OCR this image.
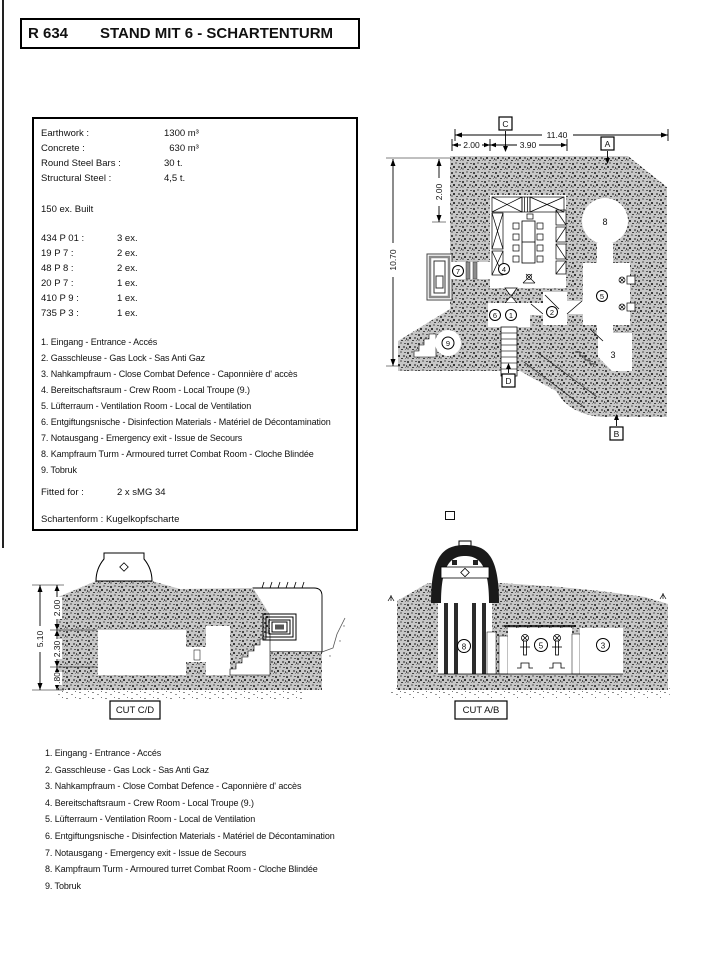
R 634	STAND MIT 6 - SCHARTENTURM
Earthwork :	1300 m³
Concrete :	630 m³
Round Steel Bars :	30 t.
Structural Steel :	4,5 t.
150 ex. Built
434 P 01 :	3 ex.
19 P 7 :	2 ex.
48 P 8 :	2 ex.
20 P 7 :	1 ex.
410 P 9 :	1 ex.
735 P 3 :	1 ex.
1. Eingang - Entrance - Accés
2. Gasschleuse - Gas Lock - Sas Anti Gaz
3. Nahkampfraum - Close Combat Defence - Caponnière d' accès
4. Bereitschaftsraum - Crew Room - Local Troupe (9.)
5. Lüfterraum - Ventilation Room - Local de Ventilation
6. Entgiftungsnische - Disinfection Materials - Matériel de Décontamination
7. Notausgang - Emergency exit - Issue de Secours
8. Kampfraum Turm - Armoured turret Combat Room - Cloche Blindée
9. Tobruk
Fitted for :	2 x sMG 34
Schartenform : Kugelkopfscharte
7	4
6 1	2
5
8
9
3
11.40
2.00	3.90
10.70
2.00
C
A
D
B
5.10
2.00
2.30
.80
CUT C/D
8	5	3
CUT A/B
1. Eingang - Entrance - Accés
2. Gasschleuse - Gas Lock - Sas Anti Gaz
3. Nahkampfraum - Close Combat Defence - Caponnière d' accès
4. Bereitschaftsraum - Crew Room - Local Troupe (9.)
5. Lüfterraum - Ventilation Room - Local de Ventilation
6. Entgiftungsnische - Disinfection Materials - Matériel de Décontamination
7. Notausgang - Emergency exit - Issue de Secours
8. Kampfraum Turm - Armoured turret Combat Room - Cloche Blindée
9. Tobruk
